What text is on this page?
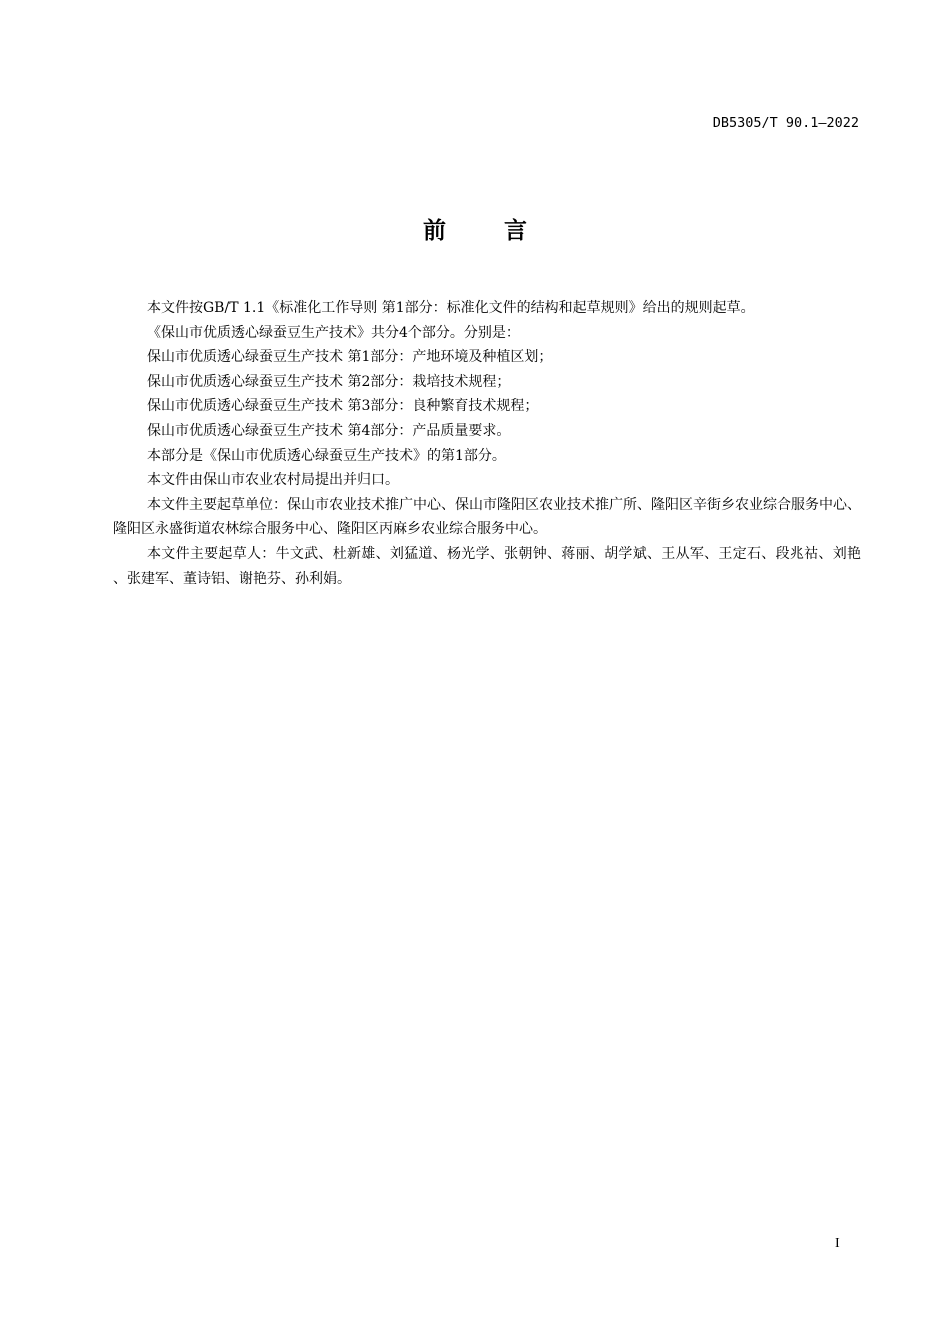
DB5305/T 90.1—2022
前	言

本文件按GB/T 1.1《标准化工作导则 第1部分：标准化文件的结构和起草规则》给出的规则起草。

《保山市优质透心绿蚕豆生产技术》共分4个部分。分别是：

保山市优质透心绿蚕豆生产技术 第1部分：产地环境及种植区划；

保山市优质透心绿蚕豆生产技术 第2部分：栽培技术规程；

保山市优质透心绿蚕豆生产技术 第3部分：良种繁育技术规程；

保山市优质透心绿蚕豆生产技术 第4部分：产品质量要求。

本部分是《保山市优质透心绿蚕豆生产技术》的第1部分。

本文件由保山市农业农村局提出并归口。

本文件主要起草单位：保山市农业技术推广中心、保山市隆阳区农业技术推广所、隆阳区辛街乡农业综合服务中心、隆阳区永盛街道农林综合服务中心、隆阳区丙麻乡农业综合服务中心。

本文件主要起草人：牛文武、杜新雄、刘猛道、杨光学、张朝钟、蒋丽、胡学斌、王从军、王定石、段兆祜、刘艳 、张建军、董诗铝、谢艳芬、孙利娟。

I
